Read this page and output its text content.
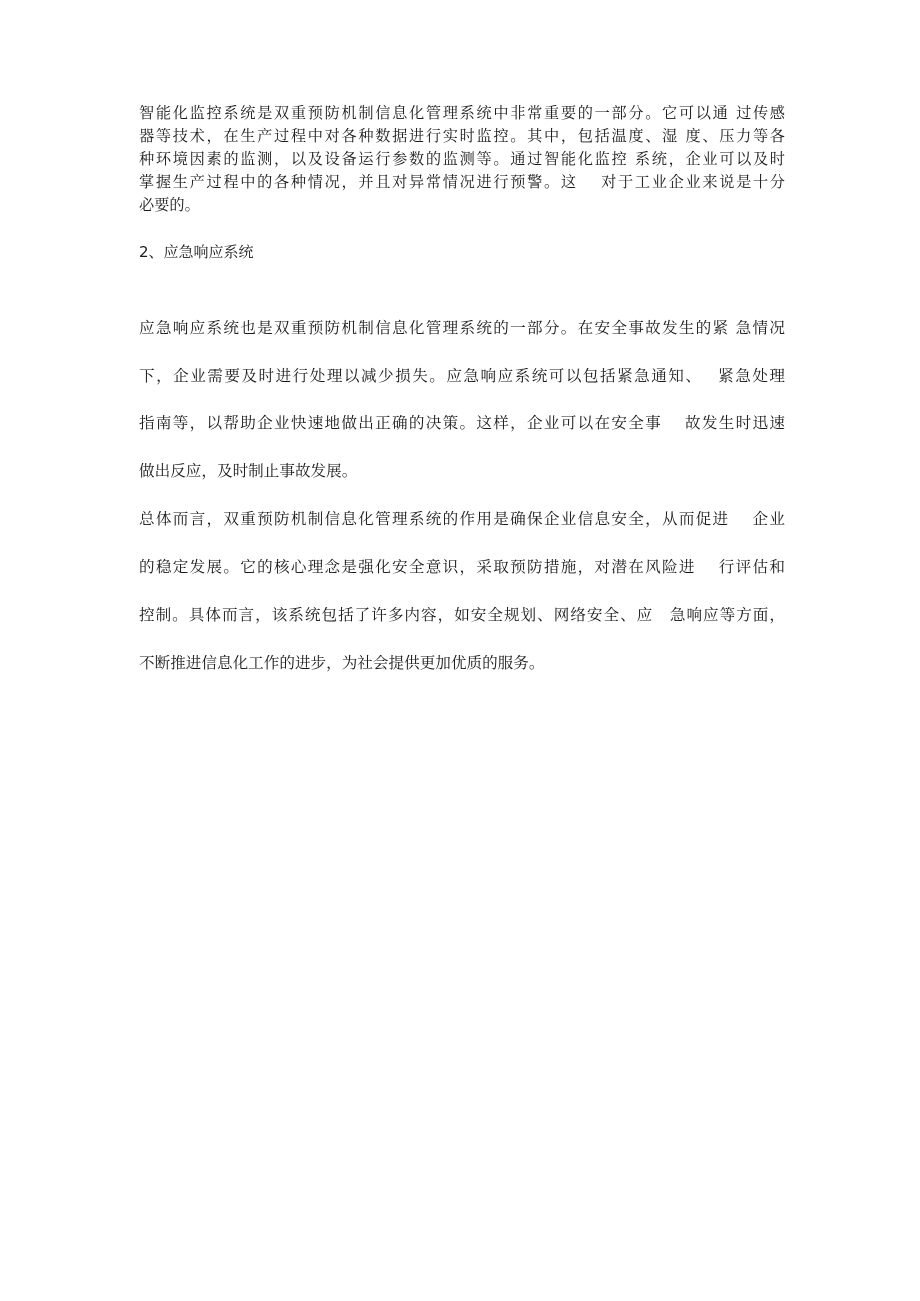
智能化监控系统是双重预防机制信息化管理系统中非常重要的一部分。它可以通 过传感

器等技术，在生产过程中对各种数据进行实时监控。其中，包括温度、湿 度、压力等各

种环境因素的监测，以及设备运行参数的监测等。通过智能化监控 系统，企业可以及时

掌握生产过程中的各种情况，并且对异常情况进行预警。这　 对于工业企业来说是十分

必要的。

2、应急响应系统

应急响应系统也是双重预防机制信息化管理系统的一部分。在安全事故发生的紧 急情况

下，企业需要及时进行处理以减少损失。应急响应系统可以包括紧急通知、　 紧急处理

指南等，以帮助企业快速地做出正确的决策。这样，企业可以在安全事　 故发生时迅速

做出反应，及时制止事故发展。

总体而言，双重预防机制信息化管理系统的作用是确保企业信息安全，从而促进　 企业

的稳定发展。它的核心理念是强化安全意识，采取预防措施，对潜在风险进　 行评估和

控制。具体而言，该系统包括了许多内容，如安全规划、网络安全、应　急响应等方面，

不断推进信息化工作的进步，为社会提供更加优质的服务。
